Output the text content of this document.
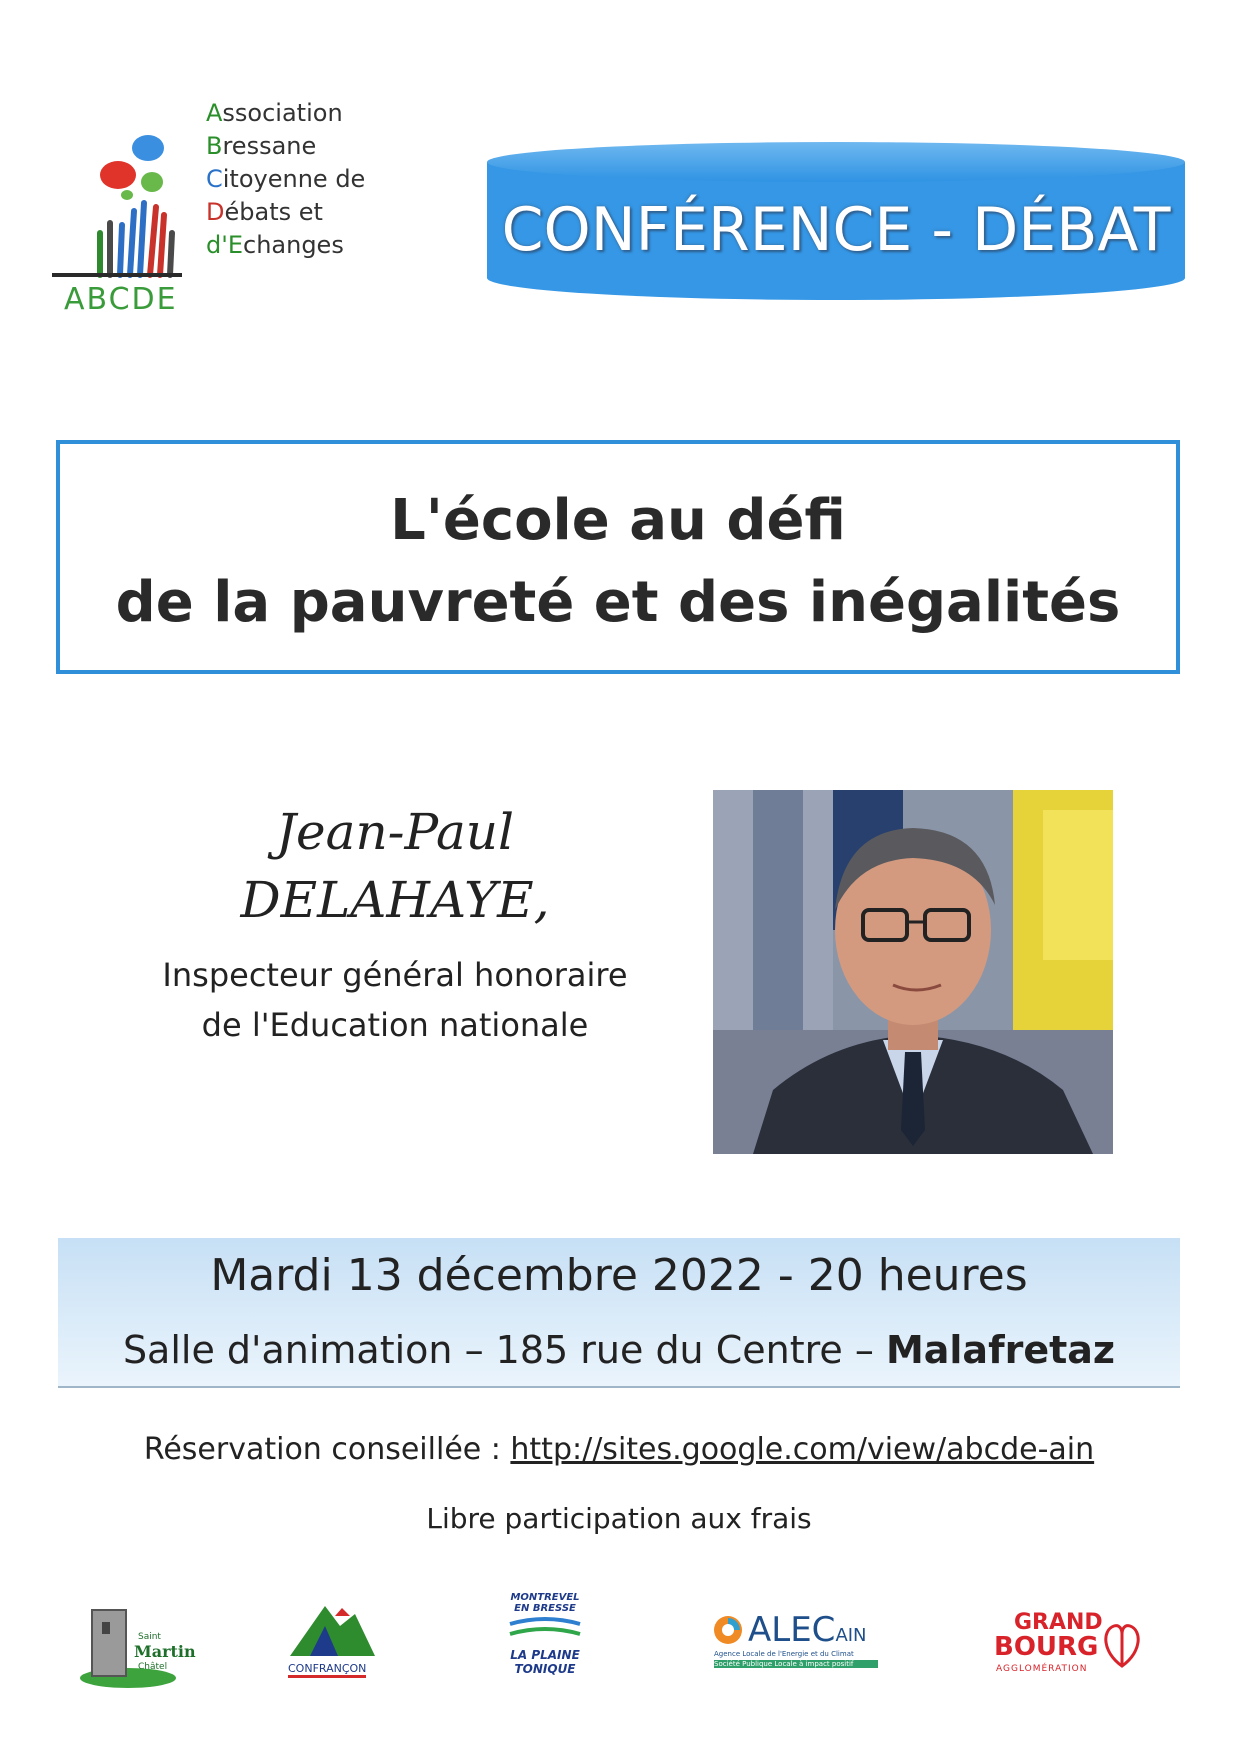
Association
Bressane
Citoyenne de
Débats et
d'Echanges
ABCDE
CONFÉRENCE - DÉBAT
L'école au défi
de la pauvreté et des inégalités
Jean-Paul
DELAHAYE,
Inspecteur général honoraire
de l'Education nationale
Mardi 13 décembre 2022 - 20 heures
Salle d'animation – 185 rue du Centre – Malafretaz
Réservation conseillée : http://sites.google.com/view/abcde-ain
Libre participation aux frais
Saint
Martin
Châtel	CONFRANÇON
MONTREVEL
EN BRESSE
LA PLAINE
TONIQUE
ALECAIN
Agence Locale de l'Energie et du Climat
Société Publique Locale à impact positif
GRAND
BOURG
AGGLOMÉRATION
